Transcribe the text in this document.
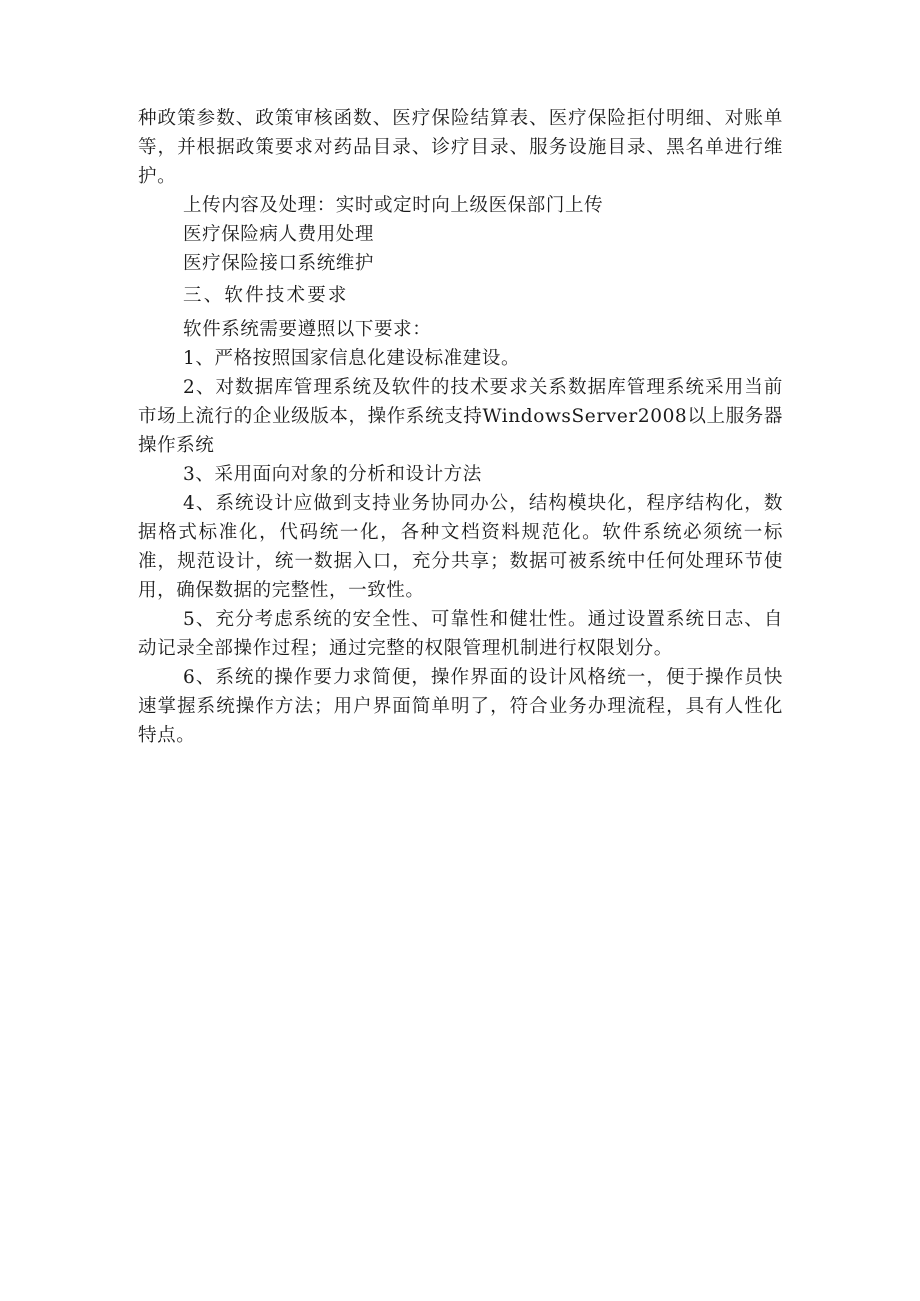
种政策参数、政策审核函数、医疗保险结算表、医疗保险拒付明细、对账单等，并根据政策要求对药品目录、诊疗目录、服务设施目录、黑名单进行维护。

上传内容及处理：实时或定时向上级医保部门上传

医疗保险病人费用处理

医疗保险接口系统维护

三、软件技术要求

软件系统需要遵照以下要求：

1、严格按照国家信息化建设标准建设。

2、对数据库管理系统及软件的技术要求关系数据库管理系统采用当前市场上流行的企业级版本，操作系统支持WindowsServer2008以上服务器操作系统

3、采用面向对象的分析和设计方法

4、系统设计应做到支持业务协同办公，结构模块化，程序结构化，数据格式标准化，代码统一化，各种文档资料规范化。软件系统必须统一标准，规范设计，统一数据入口，充分共享；数据可被系统中任何处理环节使用，确保数据的完整性，一致性。

5、充分考虑系统的安全性、可靠性和健壮性。通过设置系统日志、自动记录全部操作过程；通过完整的权限管理机制进行权限划分。

6、系统的操作要力求简便，操作界面的设计风格统一，便于操作员快速掌握系统操作方法；用户界面简单明了，符合业务办理流程，具有人性化特点。
